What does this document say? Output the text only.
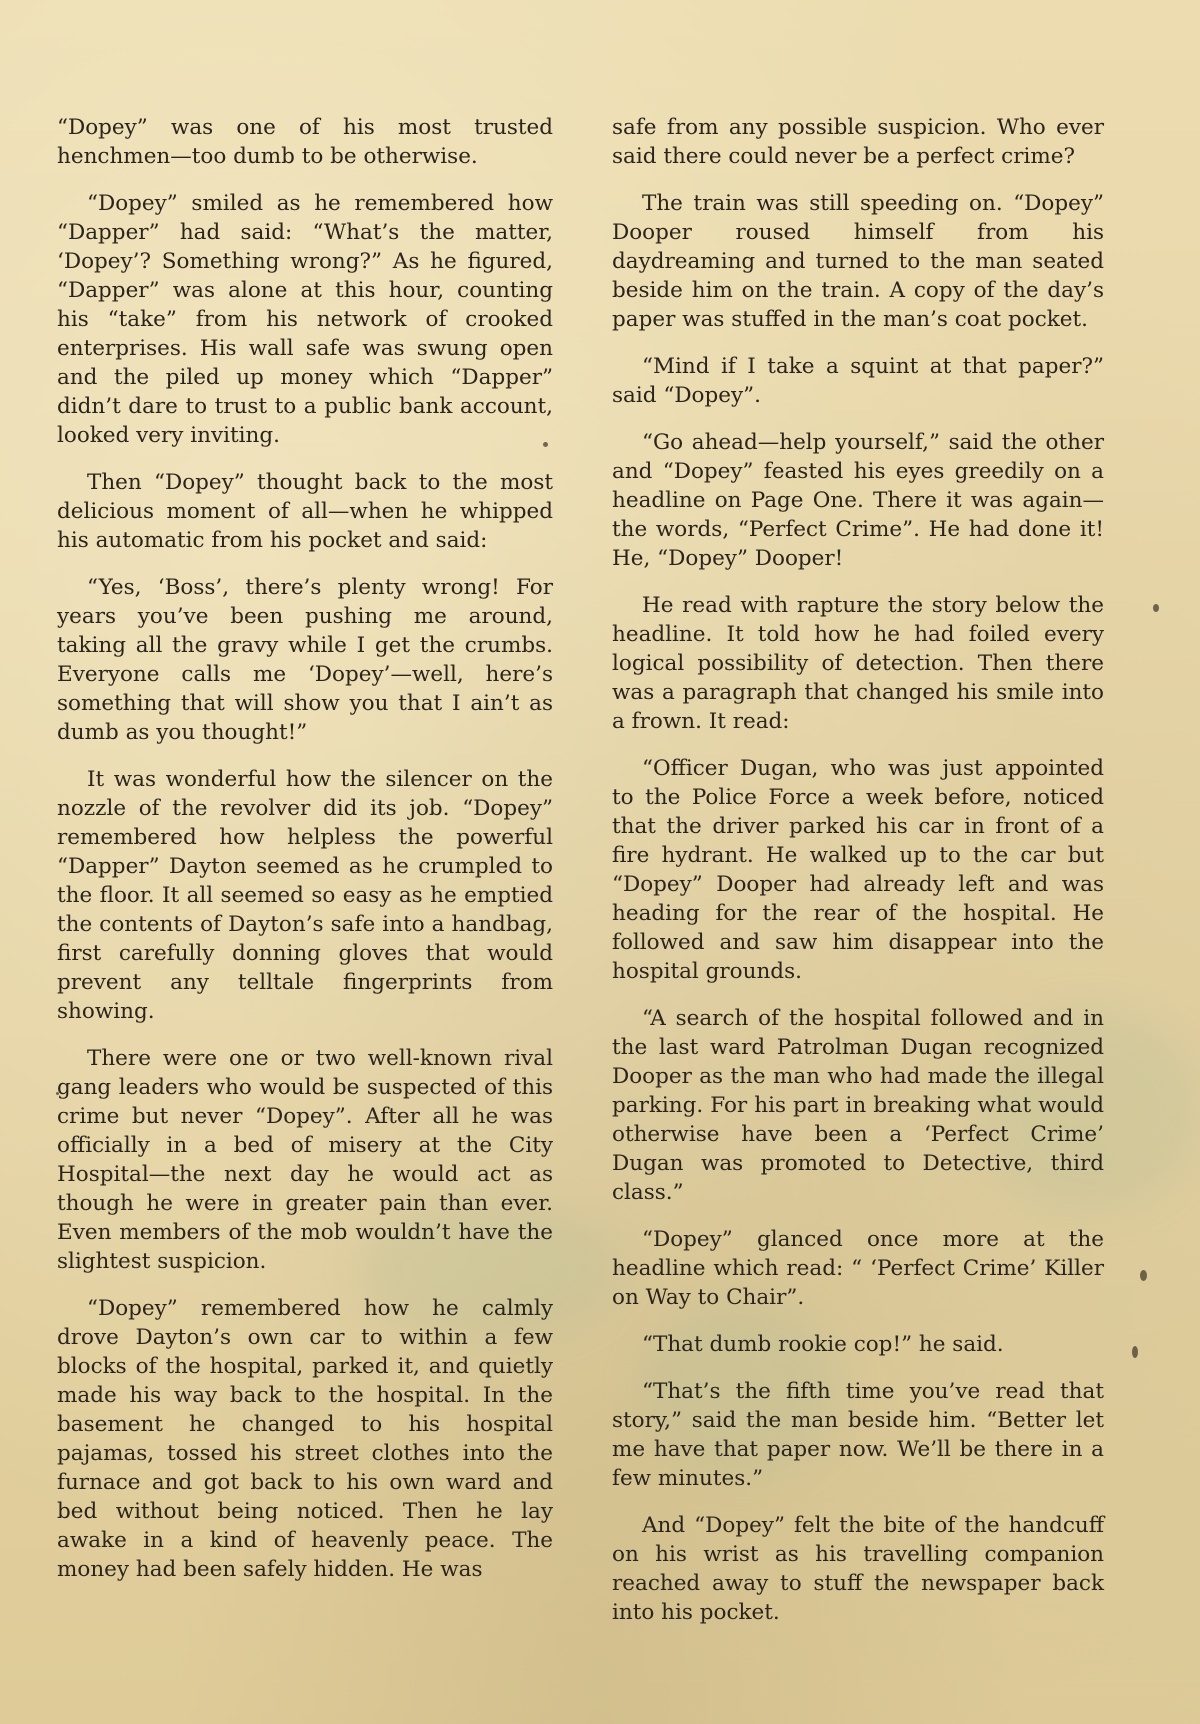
“Dopey” was one of his most trusted henchmen—too dumb to be otherwise.

“Dopey” smiled as he remembered how “Dapper” had said: “What’s the matter, ‘Dopey’? Something wrong?” As he figured, “Dapper” was alone at this hour, counting his “take” from his network of crooked enterprises. His wall safe was swung open and the piled up money which “Dapper” didn’t dare to trust to a public bank account, looked very inviting.

Then “Dopey” thought back to the most delicious moment of all—when he whipped his automatic from his pocket and said:

“Yes, ‘Boss’, there’s plenty wrong! For years you’ve been pushing me around, taking all the gravy while I get the crumbs. Everyone calls me ‘Dopey’—well, here’s something that will show you that I ain’t as dumb as you thought!”

It was wonderful how the silencer on the nozzle of the revolver did its job. “Dopey” remembered how helpless the powerful “Dapper” Dayton seemed as he crumpled to the floor. It all seemed so easy as he emptied the contents of Dayton’s safe into a handbag, first carefully donning gloves that would prevent any telltale fingerprints from showing.

There were one or two well-known rival gang leaders who would be suspected of this crime but never “Dopey”. After all he was officially in a bed of misery at the City Hospital—the next day he would act as though he were in greater pain than ever. Even members of the mob wouldn’t have the slightest suspicion.

“Dopey” remembered how he calmly drove Dayton’s own car to within a few blocks of the hospital, parked it, and quietly made his way back to the hospital. In the basement he changed to his hospital pajamas, tossed his street clothes into the furnace and got back to his own ward and bed without being noticed. Then he lay awake in a kind of heavenly peace. The money had been safely hidden. He was

safe from any possible suspicion. Who ever said there could never be a perfect crime?

The train was still speeding on. “Dopey” Dooper roused himself from his daydreaming and turned to the man seated beside him on the train. A copy of the day’s paper was stuffed in the man’s coat pocket.

“Mind if I take a squint at that paper?” said “Dopey”.

“Go ahead—help yourself,” said the other and “Dopey” feasted his eyes greedily on a headline on Page One. There it was again—the words, “Perfect Crime”. He had done it! He, “Dopey” Dooper!

He read with rapture the story below the headline. It told how he had foiled every logical possibility of detection. Then there was a paragraph that changed his smile into a frown. It read:

“Officer Dugan, who was just appointed to the Police Force a week before, noticed that the driver parked his car in front of a fire hydrant. He walked up to the car but “Dopey” Dooper had already left and was heading for the rear of the hospital. He followed and saw him disappear into the hospital grounds.

“A search of the hospital followed and in the last ward Patrolman Dugan recognized Dooper as the man who had made the illegal parking. For his part in breaking what would otherwise have been a ‘Perfect Crime’ Dugan was promoted to Detective, third class.”

“Dopey” glanced once more at the headline which read: “ ‘Perfect Crime’ Killer on Way to Chair”.

“That dumb rookie cop!” he said.

“That’s the fifth time you’ve read that story,” said the man beside him. “Better let me have that paper now. We’ll be there in a few minutes.”

And “Dopey” felt the bite of the handcuff on his wrist as his travelling companion reached away to stuff the newspaper back into his pocket.
